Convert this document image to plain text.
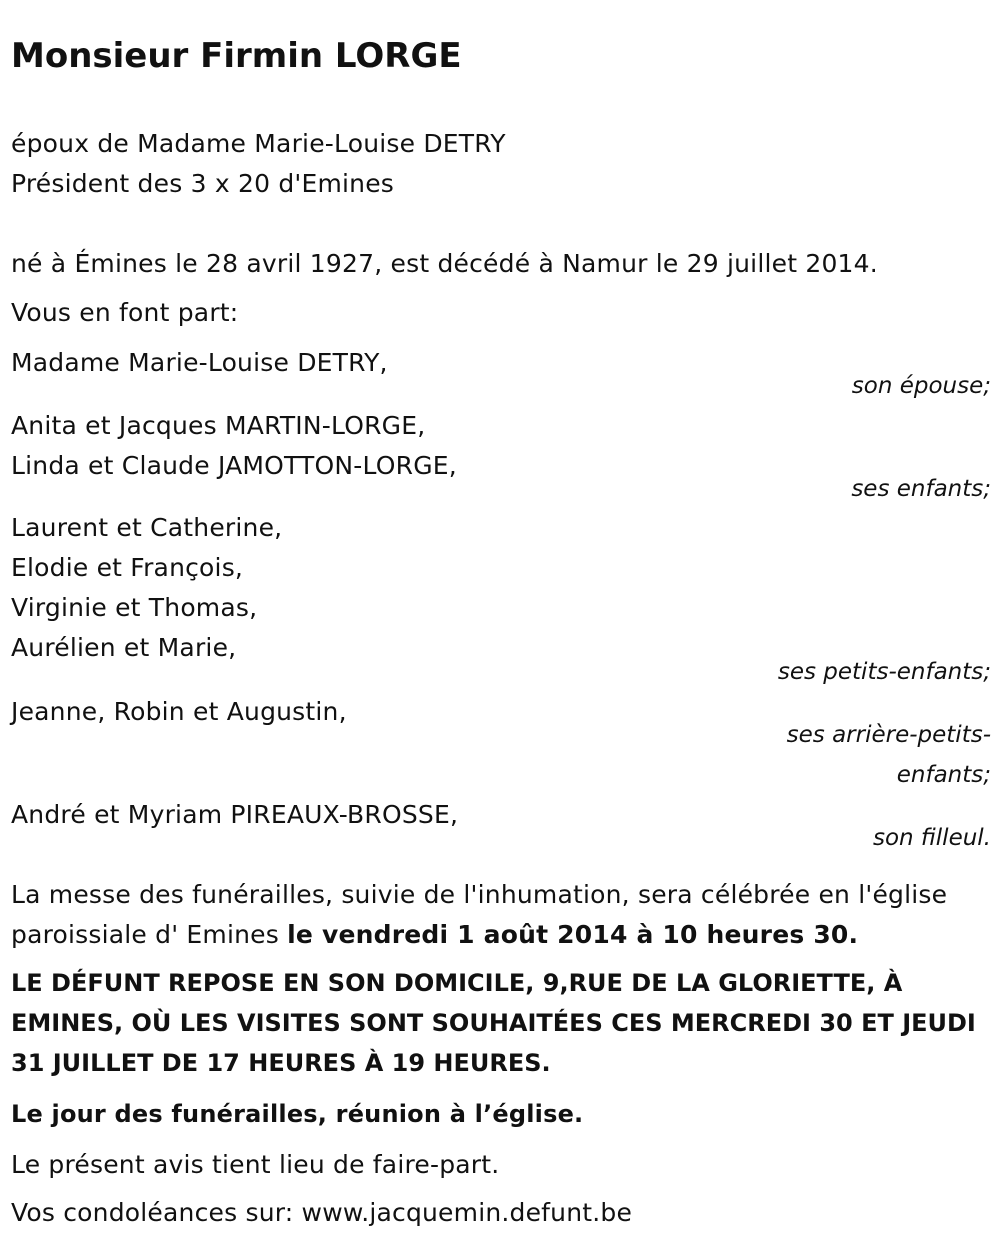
Monsieur Firmin LORGE
époux de Madame Marie-Louise DETRY
Président des 3 x 20 d'Emines
né à Émines le 28 avril 1927, est décédé à Namur le 29 juillet 2014.
Vous en font part:
Madame Marie-Louise DETRY,
son épouse;
Anita et Jacques MARTIN-LORGE,
Linda et Claude JAMOTTON-LORGE,
ses enfants;
Laurent et Catherine,
Elodie et François,
Virginie et Thomas,
Aurélien et Marie,
ses petits-enfants;
Jeanne, Robin et Augustin,
ses arrière-petits-
enfants;
André et Myriam PIREAUX-BROSSE,
son filleul.
La messe des funérailles, suivie de l'inhumation, sera célébrée en l'église
paroissiale d' Emines le vendredi 1 août 2014 à 10 heures 30.
LE DÉFUNT REPOSE EN SON DOMICILE, 9,RUE DE LA GLORIETTE, À EMINES, OÙ LES VISITES SONT SOUHAITÉES CES MERCREDI 30 ET JEUDI 31 JUILLET DE 17 HEURES À 19 HEURES.
Le jour des funérailles, réunion à l’église.
Le présent avis tient lieu de faire-part.
Vos condoléances sur: www.jacquemin.defunt.be
